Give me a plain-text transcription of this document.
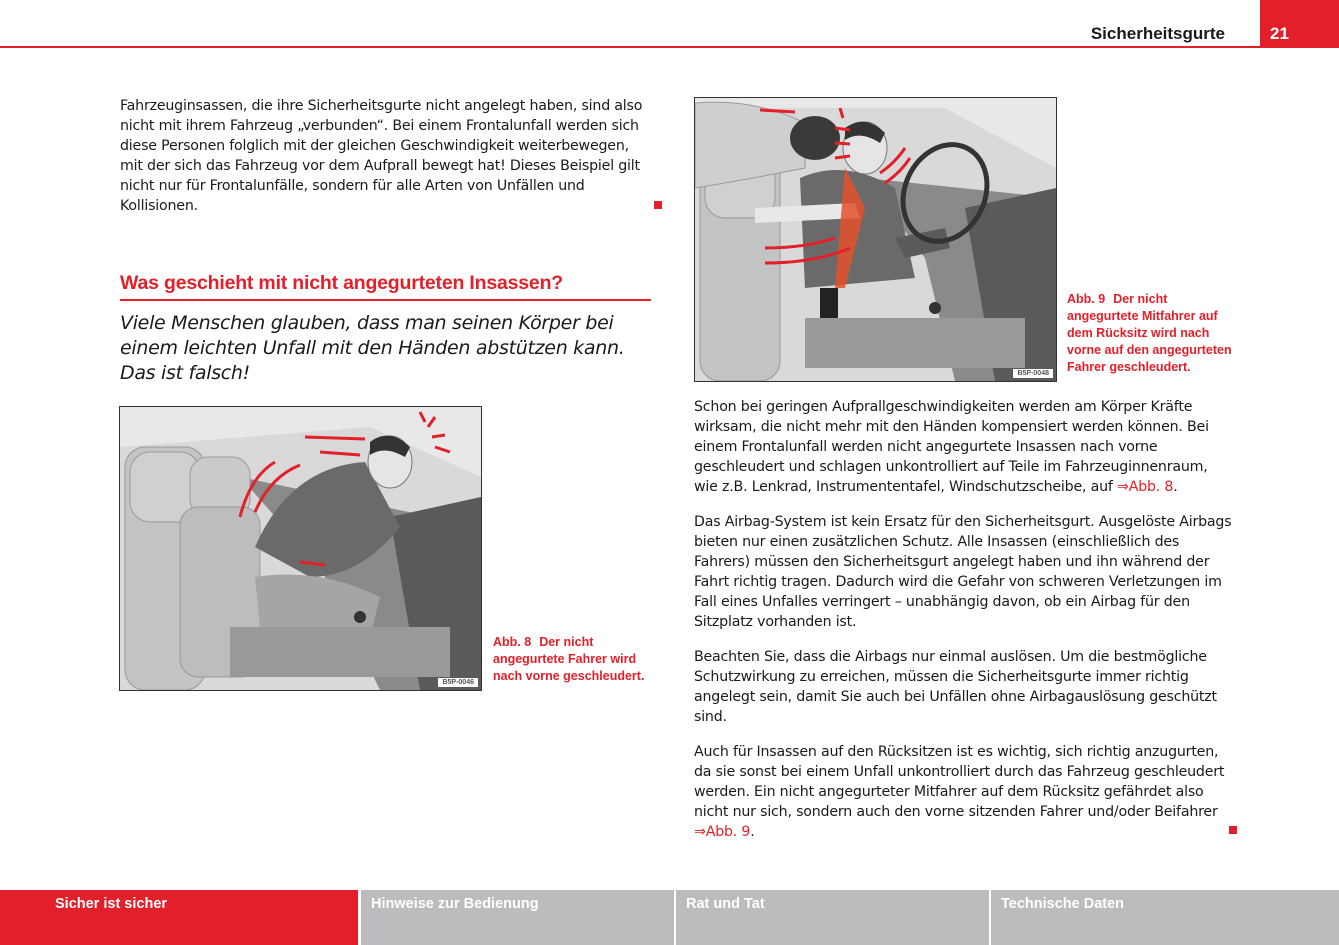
Sicherheitsgurte	21

Fahrzeuginsassen, die ihre Sicherheitsgurte nicht angelegt haben, sind also nicht mit ihrem Fahrzeug „verbunden“. Bei einem Frontalunfall werden sich diese Personen folglich mit der gleichen Geschwindigkeit weiterbewegen, mit der sich das Fahrzeug vor dem Aufprall bewegt hat! Dieses Beispiel gilt nicht nur für Frontalunfälle, sondern für alle Arten von Unfällen und Kollisionen.

Was geschieht mit nicht angegurteten Insassen?
Viele Menschen glauben, dass man seinen Körper bei einem leichten Unfall mit den Händen abstützen kann. Das ist falsch!
B5P-0046
Abb. 8 Der nicht angegurtete Fahrer wird nach vorne geschleudert.
B5P-0048
Abb. 9 Der nicht angegurtete Mitfahrer auf dem Rücksitz wird nach vorne auf den angegurteten Fahrer geschleudert.

Schon bei geringen Aufprallgeschwindigkeiten werden am Körper Kräfte wirksam, die nicht mehr mit den Händen kompensiert werden können. Bei einem Frontalunfall werden nicht angegurtete Insassen nach vorne geschleudert und schlagen unkontrolliert auf Teile im Fahrzeuginnenraum, wie z.B. Lenkrad, Instrumententafel, Windschutzscheibe, auf ⇒Abb. 8.

Das Airbag-System ist kein Ersatz für den Sicherheitsgurt. Ausgelöste Airbags bieten nur einen zusätzlichen Schutz. Alle Insassen (einschließlich des Fahrers) müssen den Sicherheitsgurt angelegt haben und ihn während der Fahrt richtig tragen. Dadurch wird die Gefahr von schweren Verletzungen im Fall eines Unfalles verringert – unabhängig davon, ob ein Airbag für den Sitzplatz vorhanden ist.

Beachten Sie, dass die Airbags nur einmal auslösen. Um die bestmögliche Schutzwirkung zu erreichen, müssen die Sicherheitsgurte immer richtig angelegt sein, damit Sie auch bei Unfällen ohne Airbagauslösung geschützt sind.

Auch für Insassen auf den Rücksitzen ist es wichtig, sich richtig anzugurten, da sie sonst bei einem Unfall unkontrolliert durch das Fahrzeug geschleudert werden. Ein nicht angegurteter Mitfahrer auf dem Rücksitz gefährdet also nicht nur sich, sondern auch den vorne sitzenden Fahrer und/oder Beifahrer ⇒Abb. 9.

Sicher ist sicher	Hinweise zur Bedienung	Rat und Tat	Technische Daten
